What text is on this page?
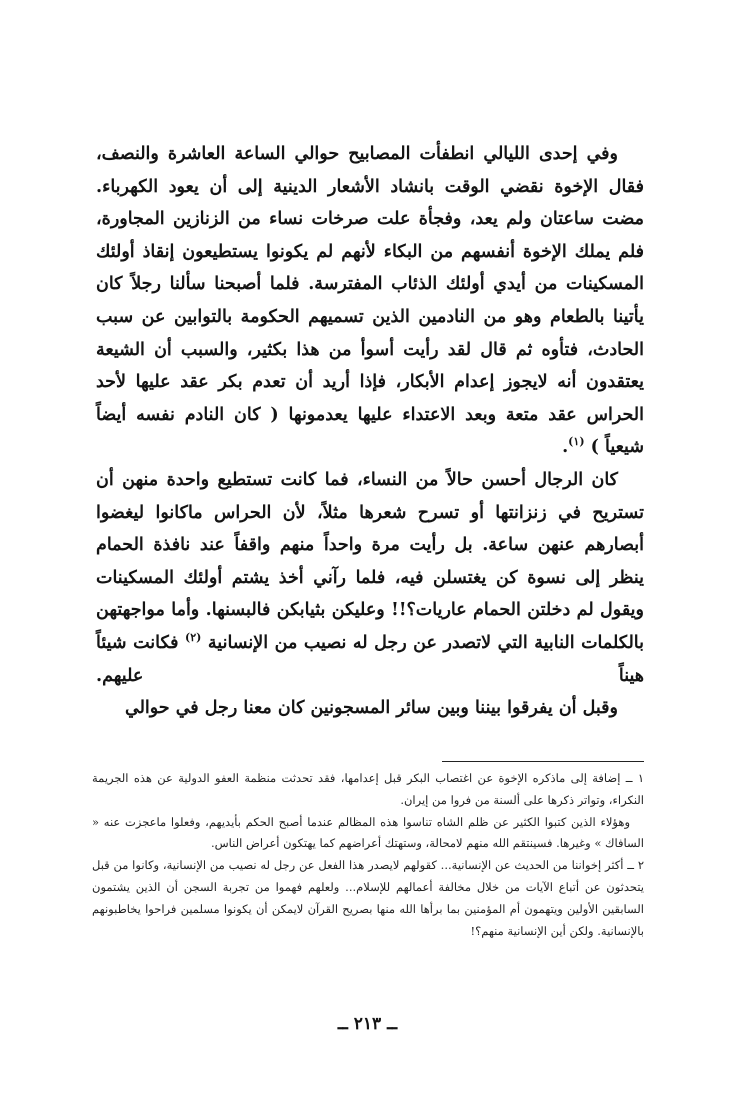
وفي إحدى الليالي انطفأت المصابيح حوالي الساعة العاشرة والنصف، فقال الإخوة نقضي الوقت بانشاد الأشعار الدينية إلى أن يعود الكهرباء. مضت ساعتان ولم يعد، وفجأة علت صرخات نساء من الزنازين المجاورة، فلم يملك الإخوة أنفسهم من البكاء لأنهم لم يكونوا يستطيعون إنقاذ أولئك المسكينات من أيدي أولئك الذئاب المفترسة. فلما أصبحنا سألنا رجلاً كان يأتينا بالطعام وهو من النادمين الذين تسميهم الحكومة بالتوابين عن سبب الحادث، فتأوه ثم قال لقد رأيت أسوأ من هذا بكثير، والسبب أن الشيعة يعتقدون أنه لايجوز إعدام الأبكار، فإذا أريد أن تعدم بكر عقد عليها لأحد الحراس عقد متعة وبعد الاعتداء عليها يعدمونها ( كان النادم نفسه أيضاً شيعياً ) $^{(١)}$.

كان الرجال أحسن حالاً من النساء، فما كانت تستطيع واحدة منهن أن تستريح في زنزانتها أو تسرح شعرها مثلاً، لأن الحراس ماكانوا ليغضوا أبصارهم عنهن ساعة. بل رأيت مرة واحداً منهم واقفاً عند نافذة الحمام ينظر إلى نسوة كن يغتسلن فيه، فلما رآني أخذ يشتم أولئك المسكينات ويقول لم دخلتن الحمام عاريات؟!! وعليكن بثيابكن فالبسنها. وأما مواجهتهن بالكلمات النابية التي لاتصدر عن رجل له نصيب من الإنسانية $^{(٢)}$ فكانت شيئاً هيناً عليهم.

وقبل أن يفرقوا بيننا وبين سائر المسجونين كان معنا رجل في حوالي

١ ــ إضافة إلى ماذكره الإخوة عن اغتصاب البكر قبل إعدامها، فقد تحدثت منظمة العفو الدولية عن هذه الجريمة النكراء، وتواتر ذكرها على ألسنة من فروا من إيران.

وهؤلاء الذين كتبوا الكثير عن ظلم الشاه تناسوا هذه المظالم عندما أصبح الحكم بأيديهم، وفعلوا ماعجزت عنه « السافاك » وغيرها. فسينتقم الله منهم لامحالة، وستهتك أعراضهم كما يهتكون أعراض الناس.

٢ ــ أكثر إخواننا من الحديث عن الإنسانية... كقولهم لايصدر هذا الفعل عن رجل له نصيب من الإنسانية، وكانوا من قبل يتحدثون عن أتباع الآيات من خلال مخالفة أعمالهم للإسلام... ولعلهم فهموا من تجربة السجن أن الذين يشتمون السابقين الأولين ويتهمون أم المؤمنين بما برأها الله منها بصريح القرآن لايمكن أن يكونوا مسلمين فراحوا يخاطبونهم بالإنسانية. ولكن أين الإنسانية منهم؟!

ــ ٢١٣ ــ
